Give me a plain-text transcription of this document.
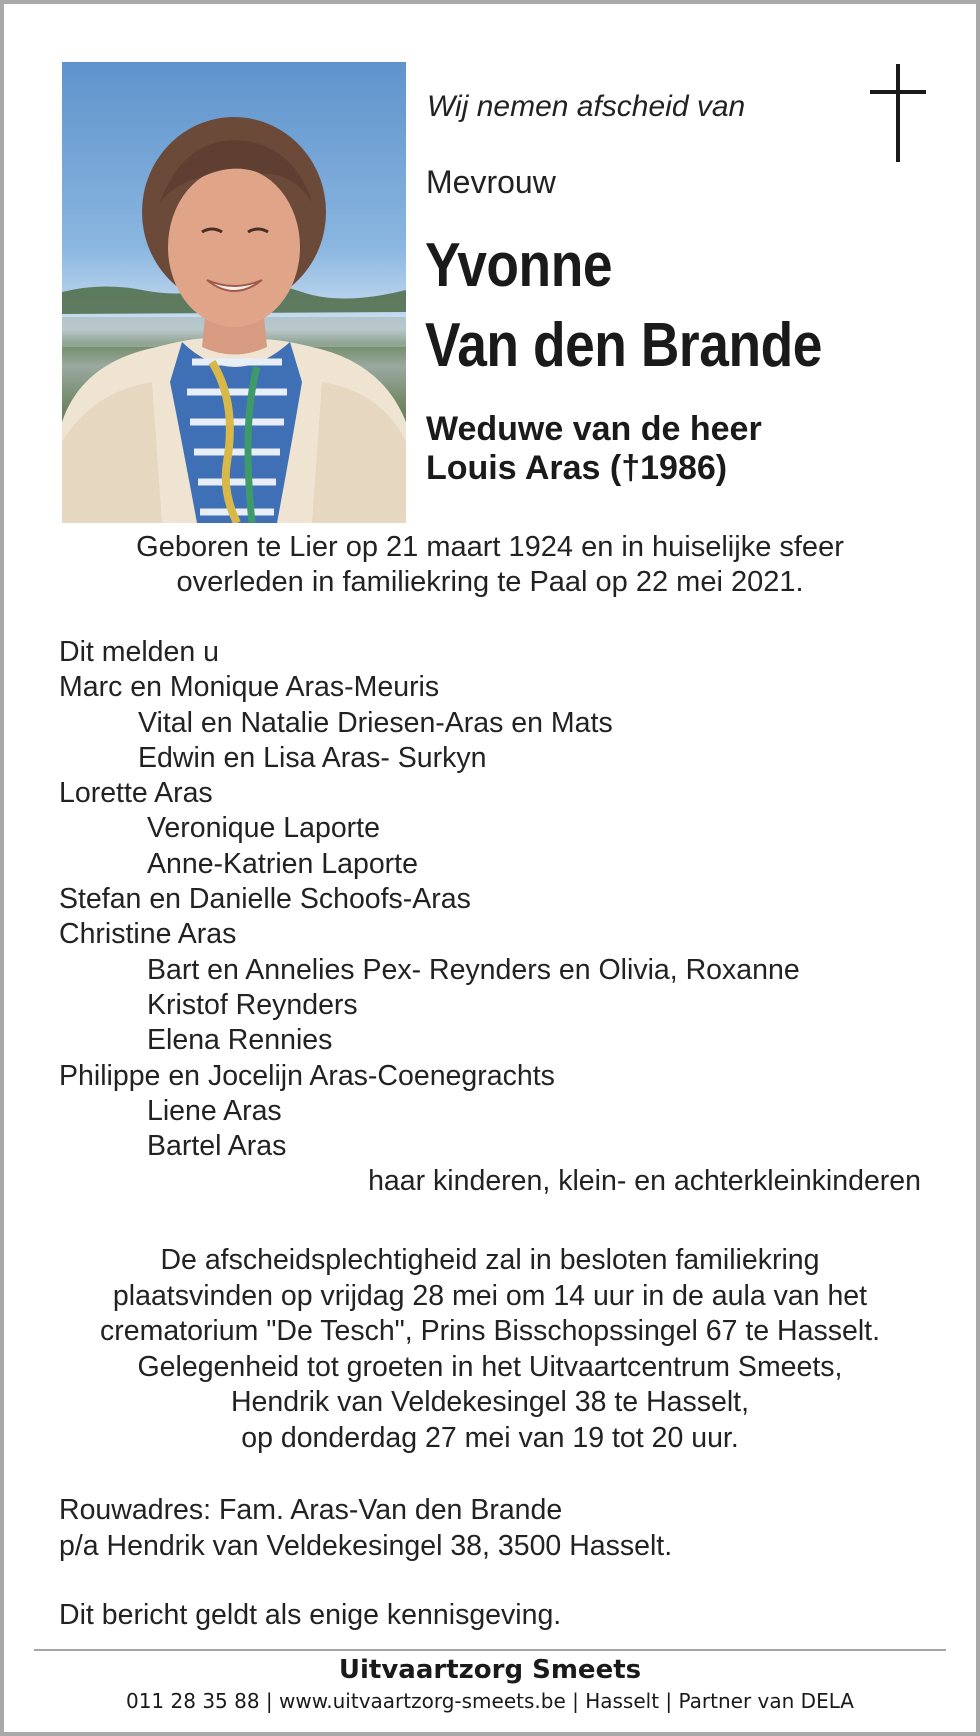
Wij nemen afscheid van
Mevrouw
Yvonne
Van den Brande
Weduwe van de heer
Louis Aras (†1986)
Geboren te Lier op 21 maart 1924 en in huiselijke sfeer
overleden in familiekring te Paal op 22 mei 2021.
Dit melden u
Marc en Monique Aras-Meuris
Vital en Natalie Driesen-Aras en Mats
Edwin en Lisa Aras- Surkyn
Lorette Aras
Veronique Laporte
Anne-Katrien Laporte
Stefan en Danielle Schoofs-Aras
Christine Aras
Bart en Annelies Pex- Reynders en Olivia, Roxanne
Kristof Reynders
Elena Rennies
Philippe en Jocelijn Aras-Coenegrachts
Liene Aras
Bartel Aras
haar kinderen, klein- en achterkleinkinderen
De afscheidsplechtigheid zal in besloten familiekring
plaatsvinden op vrijdag 28 mei om 14 uur in de aula van het
crematorium "De Tesch", Prins Bisschopssingel 67 te Hasselt.
Gelegenheid tot groeten in het Uitvaartcentrum Smeets,
Hendrik van Veldekesingel 38 te Hasselt,
op donderdag 27 mei van 19 tot 20 uur.
Rouwadres: Fam. Aras-Van den Brande
p/a Hendrik van Veldekesingel 38, 3500 Hasselt.
Dit bericht geldt als enige kennisgeving.
Uitvaartzorg Smeets
011 28 35 88 | www.uitvaartzorg-smeets.be | Hasselt | Partner van DELA
